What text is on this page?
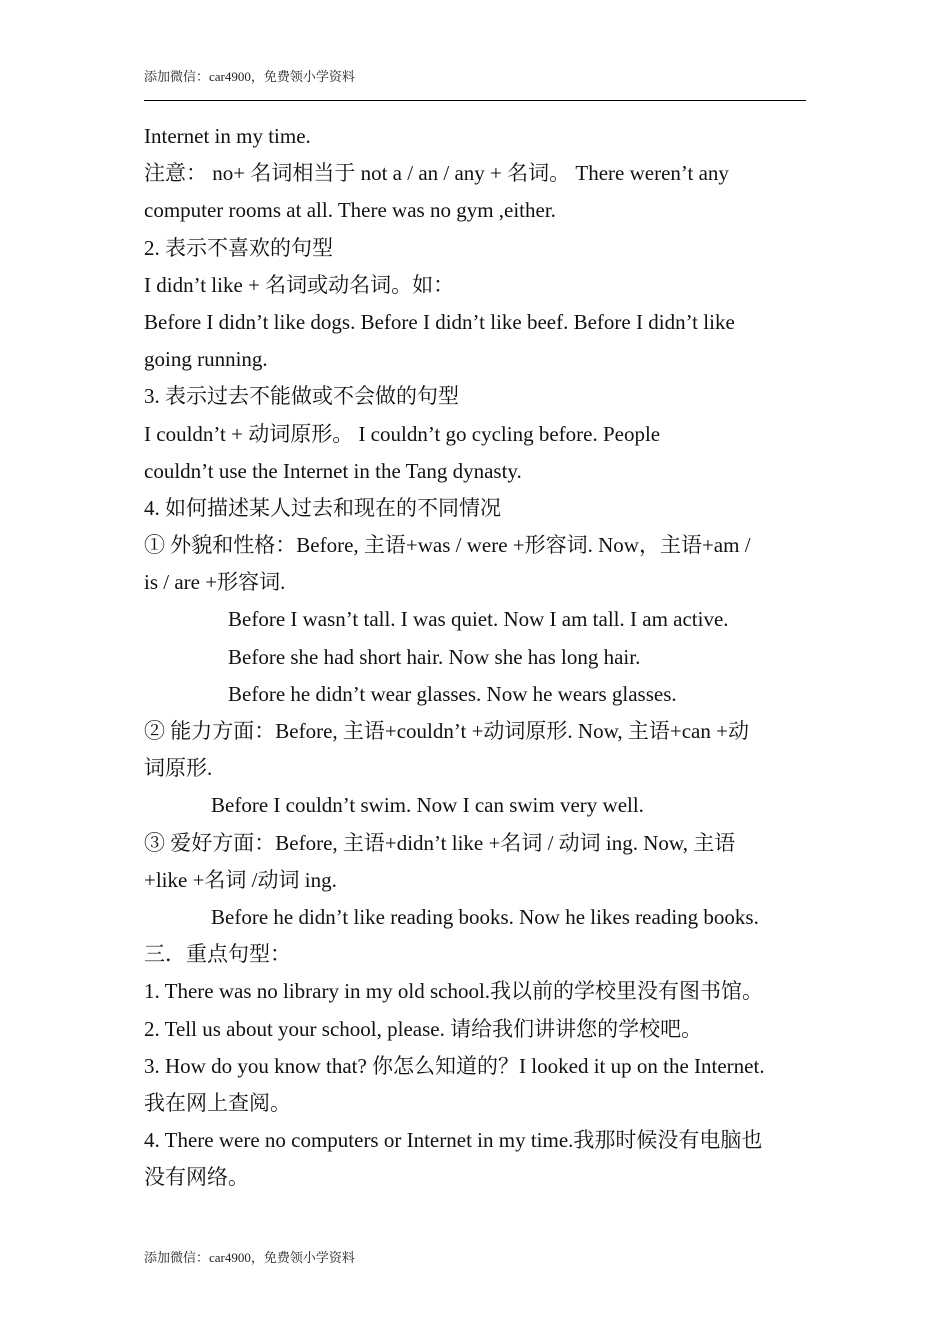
添加微信：car4900，免费领小学资料
Internet in my time.
注意： no+ 名词相当于 not a / an / any + 名词。 There weren’t any
computer rooms at all. There was no gym ,either.
2. 表示不喜欢的句型
I didn’t like + 名词或动名词。如：
Before I didn’t like dogs. Before I didn’t like beef. Before I didn’t like
going running.
3. 表示过去不能做或不会做的句型
I couldn’t + 动词原形。 I couldn’t go cycling before. People
couldn’t use the Internet in the Tang dynasty.
4. 如何描述某人过去和现在的不同情况
① 外貌和性格：Before, 主语+was / were +形容词. Now，主语+am /
is / are +形容词.
Before I wasn’t tall. I was quiet. Now I am tall. I am active.
Before she had short hair. Now she has long hair.
Before he didn’t wear glasses. Now he wears glasses.
② 能力方面：Before, 主语+couldn’t +动词原形. Now, 主语+can +动
词原形.
Before I couldn’t swim. Now I can swim very well.
③ 爱好方面：Before, 主语+didn’t like +名词 / 动词 ing. Now, 主语
+like +名词 /动词 ing.
Before he didn’t like reading books. Now he likes reading books.
三．重点句型：
1. There was no library in my old school.我以前的学校里没有图书馆。
2. Tell us about your school, please. 请给我们讲讲您的学校吧。
3. How do you know that? 你怎么知道的？I looked it up on the Internet.
我在网上查阅。
4. There were no computers or Internet in my time.我那时候没有电脑也
没有网络。
添加微信：car4900，免费领小学资料
